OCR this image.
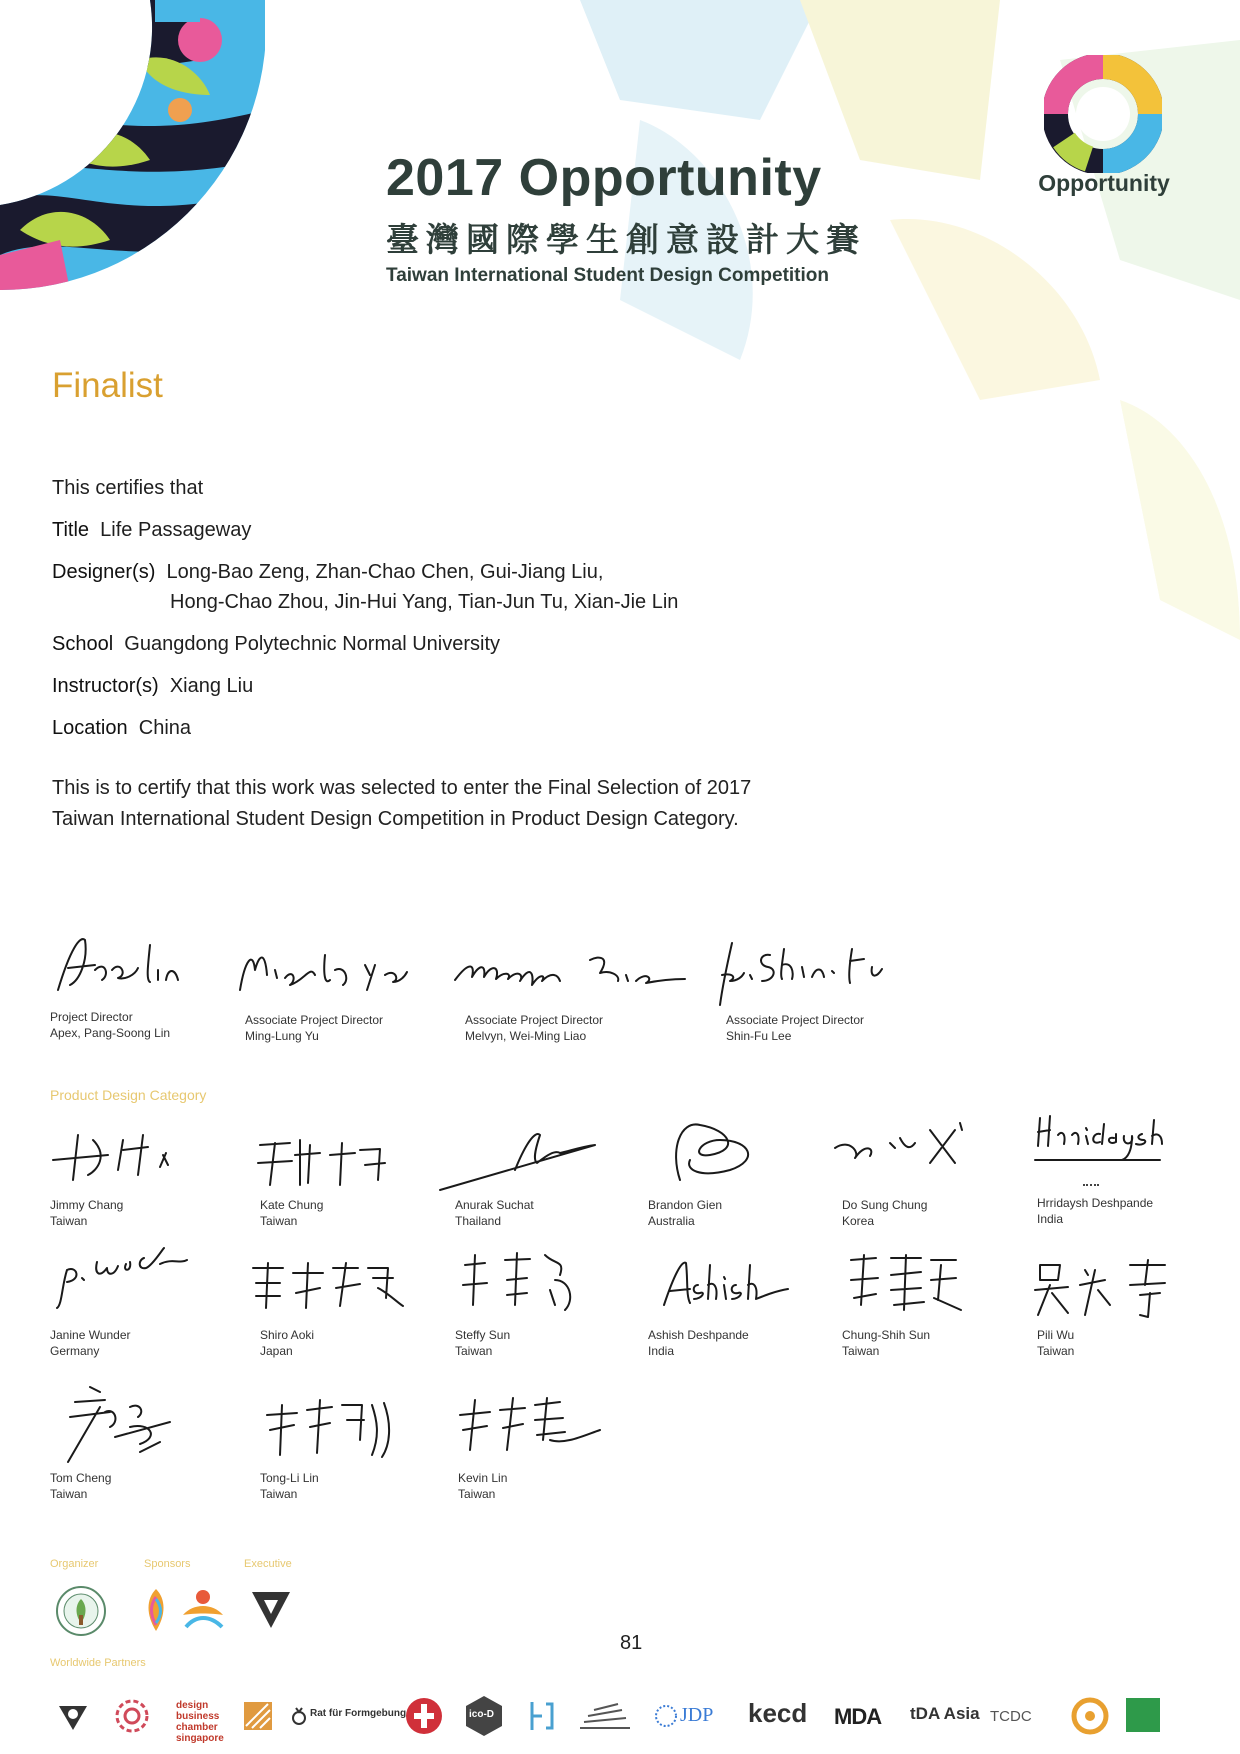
2017 Opportunity
臺灣國際學生創意設計大賽
Taiwan International Student Design Competition
Opportunity
Finalist
This certifies that
Title Life Passageway
Designer(s) Long-Bao Zeng, Zhan-Chao Chen, Gui-Jiang Liu,
Hong-Chao Zhou, Jin-Hui Yang, Tian-Jun Tu, Xian-Jie Lin
School Guangdong Polytechnic Normal University
Instructor(s) Xiang Liu
Location China
This is to certify that this work was selected to enter the Final Selection of 2017 Taiwan International Student Design Competition in Product Design Category.
Project Director
Apex, Pang-Soong Lin
Associate Project Director
Ming-Lung Yu
Associate Project Director
Melvyn, Wei-Ming Liao
Associate Project Director
Shin-Fu Lee
Product Design Category
Jimmy Chang
Taiwan
Kate Chung
Taiwan
Anurak Suchat
Thailand
Brandon Gien
Australia
Do Sung Chung
Korea
Hrridaysh Deshpande
India
Janine Wunder
Germany
Shiro Aoki
Japan
Steffy Sun
Taiwan
Ashish Deshpande
India
Chung-Shih Sun
Taiwan
Pili Wu
Taiwan
Tom Cheng
Taiwan
Tong-Li Lin
Taiwan
Kevin Lin
Taiwan
Organizer	Sponsors	Executive
81
Worldwide Partners
design business chamber singapore
Rat für Formgebung	ico-D	JDP kecd MDA tDA Asia TCDC
